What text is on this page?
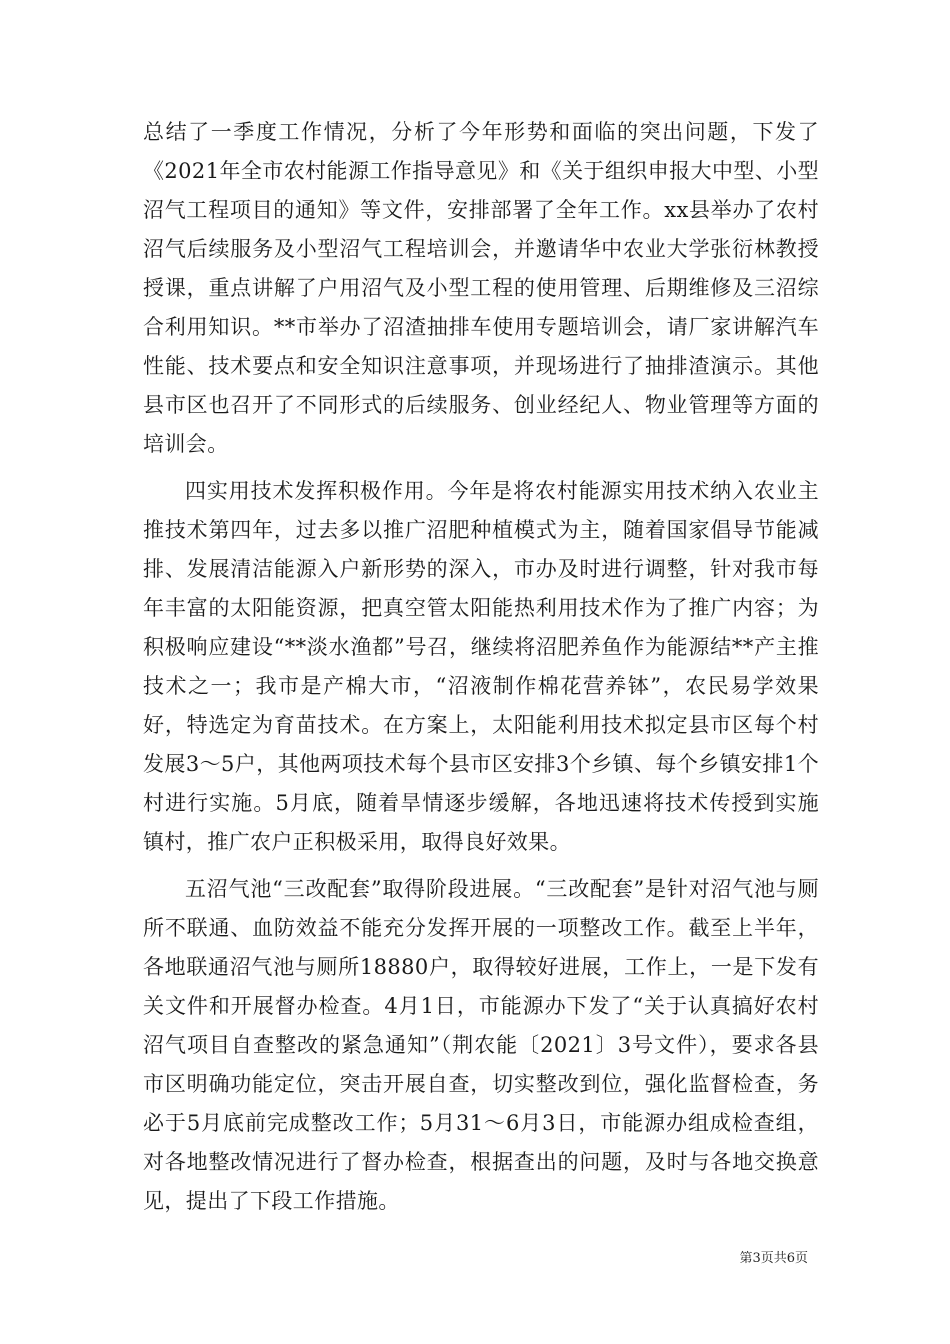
总结了一季度工作情况，分析了今年形势和面临的突出问题，下发了《2021年全市农村能源工作指导意见》和《关于组织申报大中型、小型沼气工程项目的通知》等文件，安排部署了全年工作。xx县举办了农村沼气后续服务及小型沼气工程培训会，并邀请华中农业大学张衍林教授授课，重点讲解了户用沼气及小型工程的使用管理、后期维修及三沼综合利用知识。**市举办了沼渣抽排车使用专题培训会，请厂家讲解汽车性能、技术要点和安全知识注意事项，并现场进行了抽排渣演示。其他县市区也召开了不同形式的后续服务、创业经纪人、物业管理等方面的培训会。

四实用技术发挥积极作用。今年是将农村能源实用技术纳入农业主推技术第四年，过去多以推广沼肥种植模式为主，随着国家倡导节能减排、发展清洁能源入户新形势的深入，市办及时进行调整，针对我市每年丰富的太阳能资源，把真空管太阳能热利用技术作为了推广内容；为积极响应建设“**淡水渔都”号召，继续将沼肥养鱼作为能源结**产主推技术之一；我市是产棉大市，“沼液制作棉花营养钵”，农民易学效果好，特选定为育苗技术。在方案上，太阳能利用技术拟定县市区每个村发展3～5户，其他两项技术每个县市区安排3个乡镇、每个乡镇安排1个村进行实施。5月底，随着旱情逐步缓解，各地迅速将技术传授到实施镇村，推广农户正积极采用，取得良好效果。

五沼气池“三改配套”取得阶段进展。“三改配套”是针对沼气池与厕所不联通、血防效益不能充分发挥开展的一项整改工作。截至上半年，各地联通沼气池与厕所18880户，取得较好进展，工作上，一是下发有关文件和开展督办检查。4月1日，市能源办下发了“关于认真搞好农村沼气项目自查整改的紧急通知”（荆农能〔2021〕3号文件），要求各县市区明确功能定位，突击开展自查，切实整改到位，强化监督检查，务必于5月底前完成整改工作；5月31～6月3日，市能源办组成检查组，对各地整改情况进行了督办检查，根据查出的问题，及时与各地交换意见，提出了下段工作措施。

第3页共6页
